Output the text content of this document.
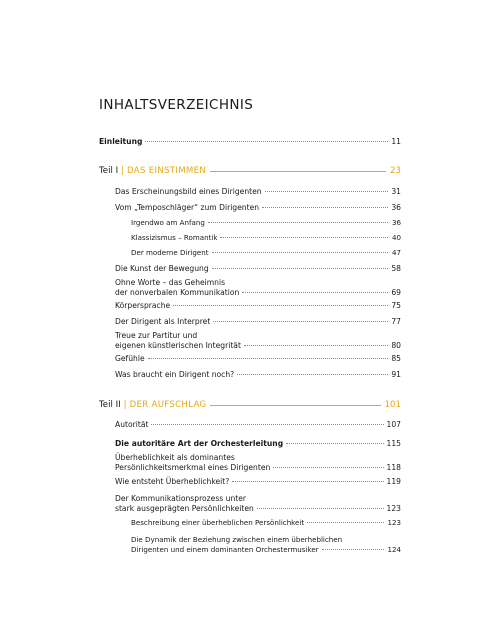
INHALTSVERZEICHNIS
Einleitung	11
Teil I | DAS EINSTIMMEN	23
Das Erscheinungsbild eines Dirigenten	31
Vom „Temposchläger“ zum Dirigenten	36
Irgendwo am Anfang	36
Klassizismus – Romantik	40
Der moderne Dirigent	47
Die Kunst der Bewegung	58
Ohne Worte – das Geheimnis
der nonverbalen Kommunikation	69
Körpersprache	75
Der Dirigent als Interpret	77
Treue zur Partitur und
eigenen künstlerischen Integrität	80
Gefühle	85
Was braucht ein Dirigent noch?	91
Teil II | DER AUFSCHLAG	101
Autorität	107
Die autoritäre Art der Orchesterleitung	115
Überheblichkeit als dominantes
Persönlichkeitsmerkmal eines Dirigenten	118
Wie entsteht Überheblichkeit?	119
Der Kommunikationsprozess unter
stark ausgeprägten Persönlichkeiten	123
Beschreibung einer überheblichen Persönlichkeit	123
Die Dynamik der Beziehung zwischen einem überheblichen
Dirigenten und einem dominanten Orchestermusiker	124
